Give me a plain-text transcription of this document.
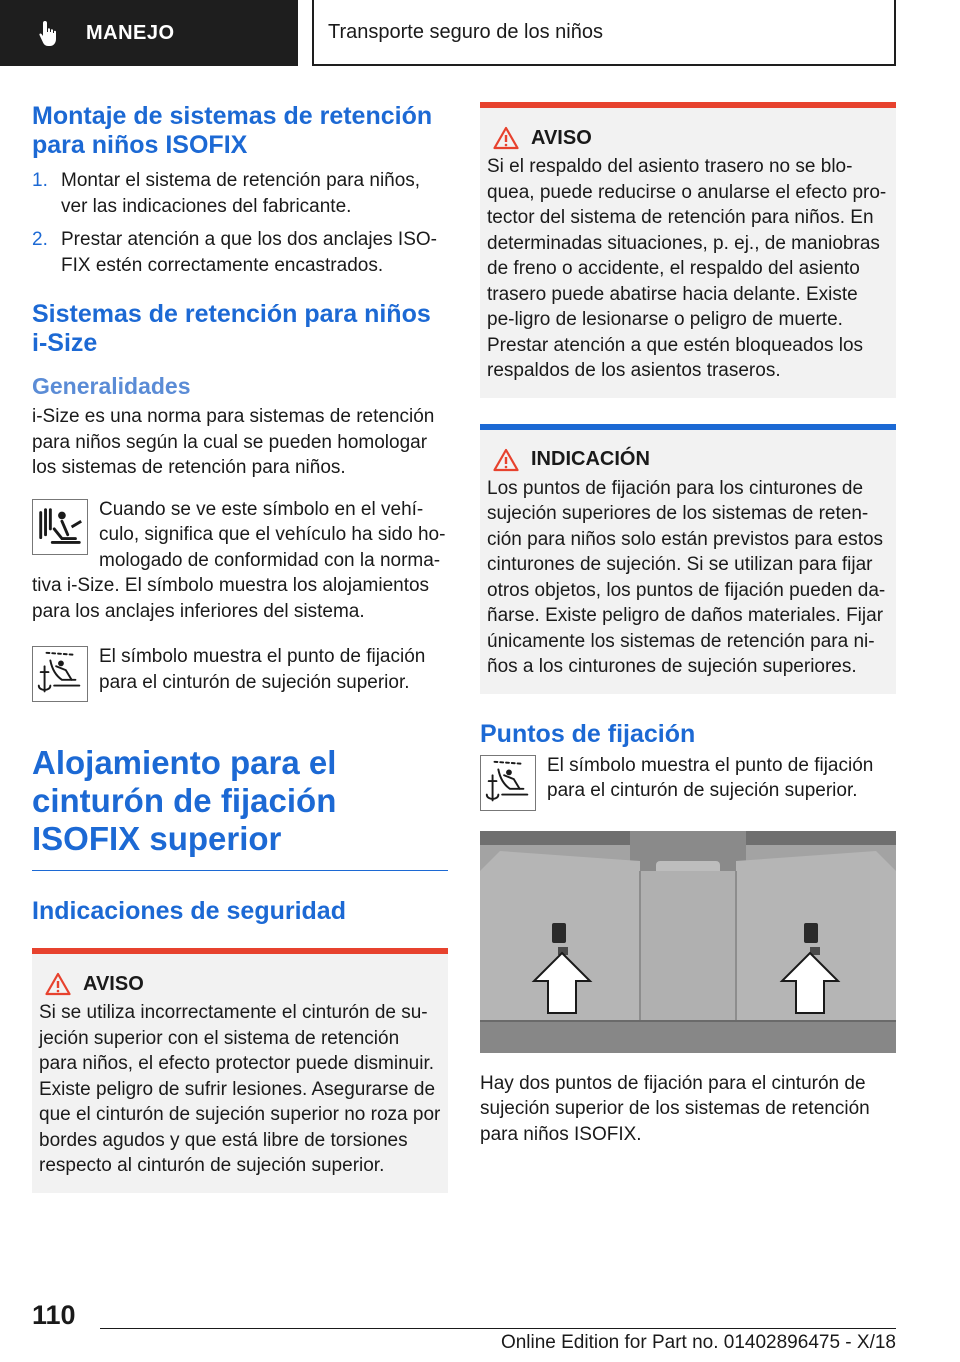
MANEJO	Transporte seguro de los niños
Montaje de sistemas de retención para niños ISOFIX
1. Montar el sistema de retención para niños, ver las indicaciones del fabricante.
2. Prestar atención a que los dos anclajes ISO‐FIX estén correctamente encastrados.
Sistemas de retención para niños i-Size
Generalidades

i-Size es una norma para sistemas de retención para niños según la cual se pueden homologar los sistemas de retención para niños.

Cuando se ve este símbolo en el vehí‐culo, significa que el vehículo ha sido ho‐mologado de conformidad con la norma‐tiva i-Size. El símbolo muestra los alojamientos para los anclajes inferiores del sistema.

El símbolo muestra el punto de fijación para el cinturón de sujeción superior.

Alojamiento para el cinturón de fijación ISOFIX superior
Indicaciones de seguridad
AVISO

Si se utiliza incorrectamente el cinturón de su‐jeción superior con el sistema de retención para niños, el efecto protector puede disminuir. Existe peligro de sufrir lesiones. Asegurarse de que el cinturón de sujeción superior no roza por bordes agudos y que está libre de torsiones respecto al cinturón de sujeción superior.

AVISO

Si el respaldo del asiento trasero no se blo‐quea, puede reducirse o anularse el efecto pro‐tector del sistema de retención para niños. En determinadas situaciones, p. ej., de maniobras de freno o accidente, el respaldo del asiento trasero puede abatirse hacia delante. Existe pe‐ligro de lesionarse o peligro de muerte. Prestar atención a que estén bloqueados los respaldos de los asientos traseros.

INDICACIÓN

Los puntos de fijación para los cinturones de sujeción superiores de los sistemas de reten‐ción para niños solo están previstos para estos cinturones de sujeción. Si se utilizan para fijar otros objetos, los puntos de fijación pueden da‐ñarse. Existe peligro de daños materiales. Fijar únicamente los sistemas de retención para ni‐ños a los cinturones de sujeción superiores.

Puntos de fijación

El símbolo muestra el punto de fijación para el cinturón de sujeción superior.

Hay dos puntos de fijación para el cinturón de sujeción superior de los sistemas de retención para niños ISOFIX.

110
Online Edition for Part no. 01402896475 - X/18
